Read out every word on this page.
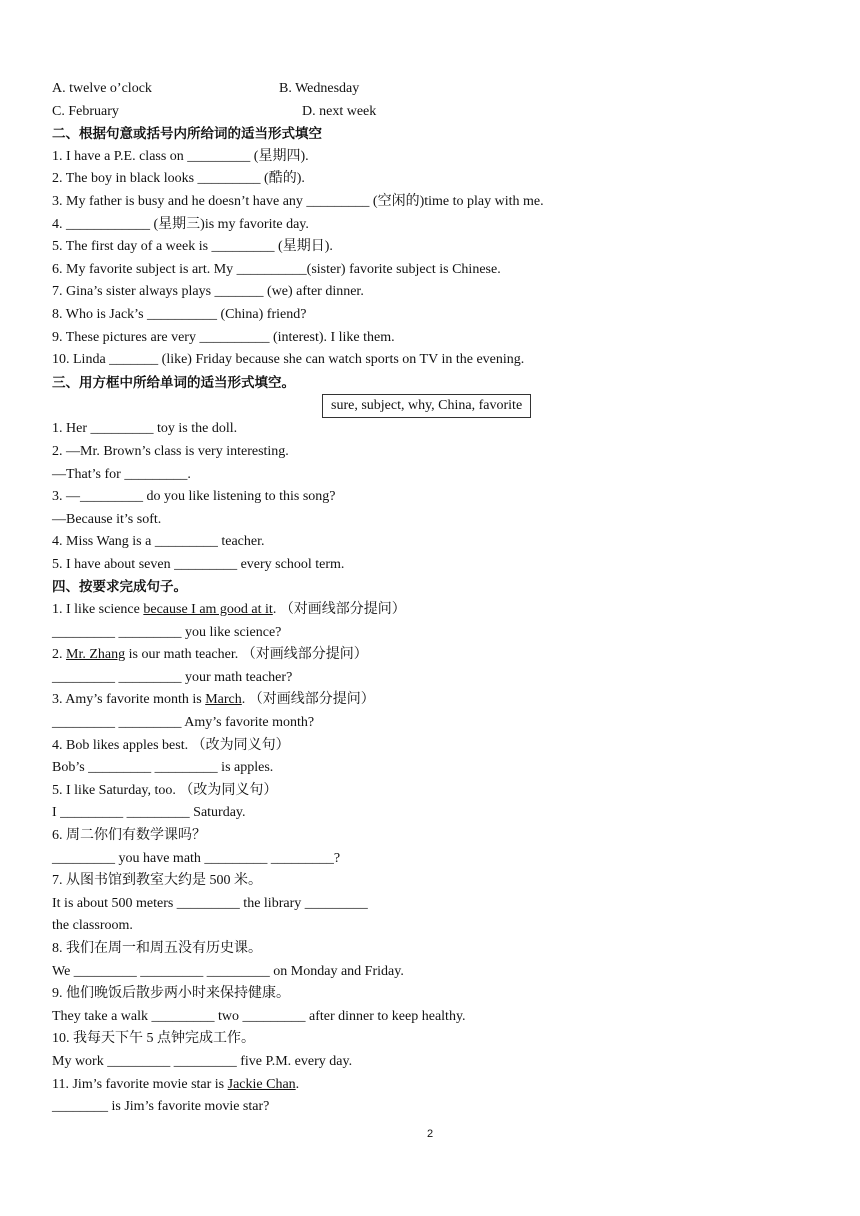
A. twelve o’clock	B. Wednesday
C. February	D. next week
二、根据句意或括号内所给词的适当形式填空
1. I have a P.E. class on _________ (星期四).
2. The boy in black looks _________ (酷的).
3. My father is busy and he doesn’t have any _________ (空闲的)time to play with me.
4. ____________ (星期三)is my favorite day.
5. The first day of a week is _________ (星期日).
6. My favorite subject is art. My __________(sister) favorite subject is Chinese.
7. Gina’s sister always plays _______ (we) after dinner.
8. Who is Jack’s __________ (China) friend?
9. These pictures are very __________ (interest). I like them.
10. Linda _______ (like) Friday because she can watch sports on TV in the evening.
三、用方框中所给单词的适当形式填空。
sure, subject, why, China, favorite
1. Her _________ toy is the doll.
2. —Mr. Brown’s class is very interesting.
—That’s for _________.
3. —_________ do you like listening to this song?
—Because it’s soft.
4. Miss Wang is a _________ teacher.
5. I have about seven _________ every school term.
四、按要求完成句子。
1. I like science because I am good at it. （对画线部分提问）
_________ _________ you like science?
2. Mr. Zhang is our math teacher. （对画线部分提问）
_________ _________ your math teacher?
3. Amy’s favorite month is March. （对画线部分提问）
_________ _________ Amy’s favorite month?
4. Bob likes apples best. （改为同义句）
Bob’s _________ _________ is apples.
5. I like Saturday, too. （改为同义句）
I _________ _________ Saturday.
6. 周二你们有数学课吗？
_________ you have math _________ _________?
7. 从图书馆到教室大约是 500 米。
It is about 500 meters _________ the library _________
the classroom.
8. 我们在周一和周五没有历史课。
We _________ _________ _________ on Monday and Friday.
9. 他们晚饭后散步两小时来保持健康。
They take a walk _________ two _________ after dinner to keep healthy.
10. 我每天下午 5 点钟完成工作。
My work _________ _________ five P.M. every day.
11. Jim’s favorite movie star is Jackie Chan.
________ is Jim’s favorite movie star?
2
